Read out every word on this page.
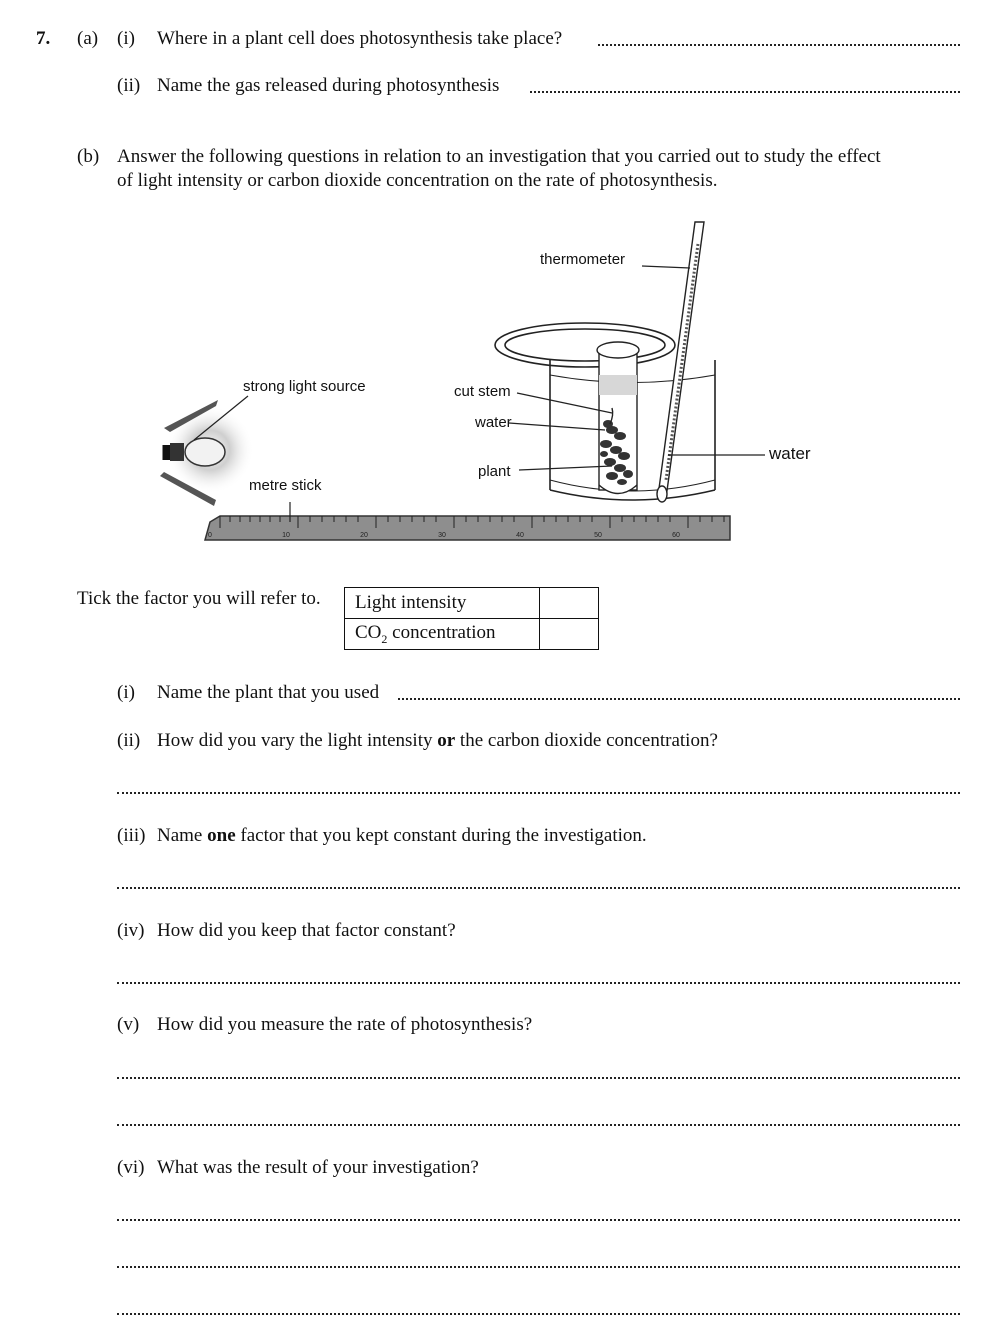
7. (a) (i) Where in a plant cell does photosynthesis take place?
(ii) Name the gas released during photosynthesis
(b) Answer the following questions in relation to an investigation that you carried out to study the effect
of light intensity or carbon dioxide concentration on the rate of photosynthesis.
0	10	20	30	40	50	60
thermometer
strong light source	cut stem
water
water
plant
metre stick
Tick the factor you will refer to. Light intensity	
$CO_2$ concentration	
(i) Name the plant that you used
(ii) How did you vary the light intensity or the carbon dioxide concentration?
(iii) Name one factor that you kept constant during the investigation.
(iv) How did you keep that factor constant?
(v) How did you measure the rate of photosynthesis?
(vi) What was the result of your investigation?
